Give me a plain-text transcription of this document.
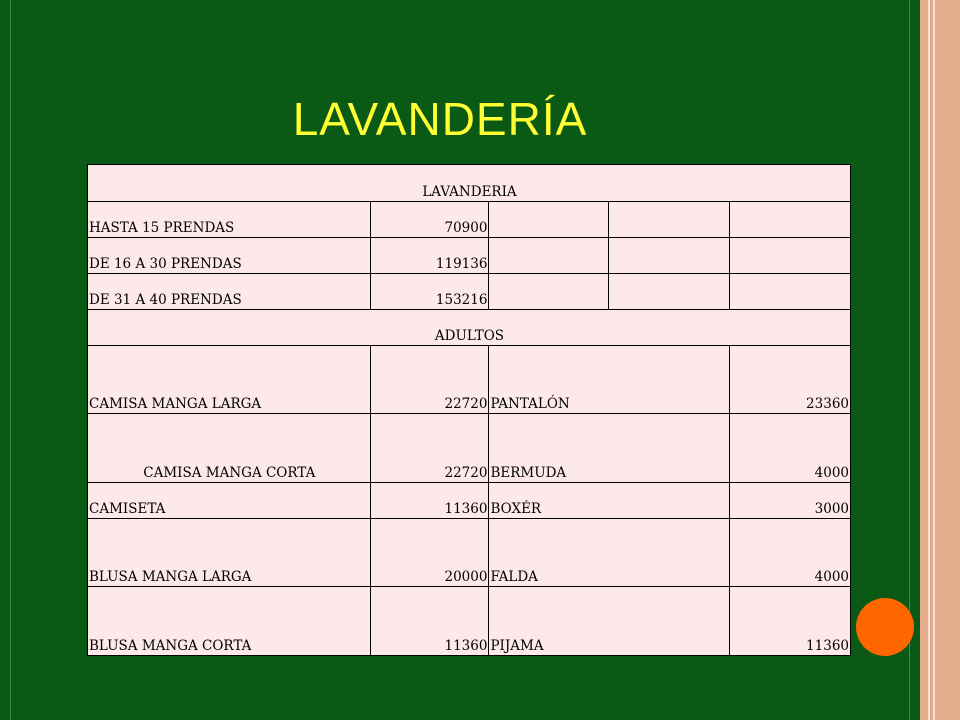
LAVANDERÍA
LAVANDERIA				
HASTA 15 PRENDAS	70900			
DE 16 A 30 PRENDAS	119136			
DE 31 A 40 PRENDAS	153216			
ADULTOS				
CAMISA MANGA LARGA	22720	PANTALÓN		23360
CAMISA MANGA CORTA	22720	BERMUDA		4000
CAMISETA	11360	BOXÉR		3000
BLUSA MANGA LARGA	20000	FALDA		4000
BLUSA MANGA CORTA	11360	PIJAMA		11360
